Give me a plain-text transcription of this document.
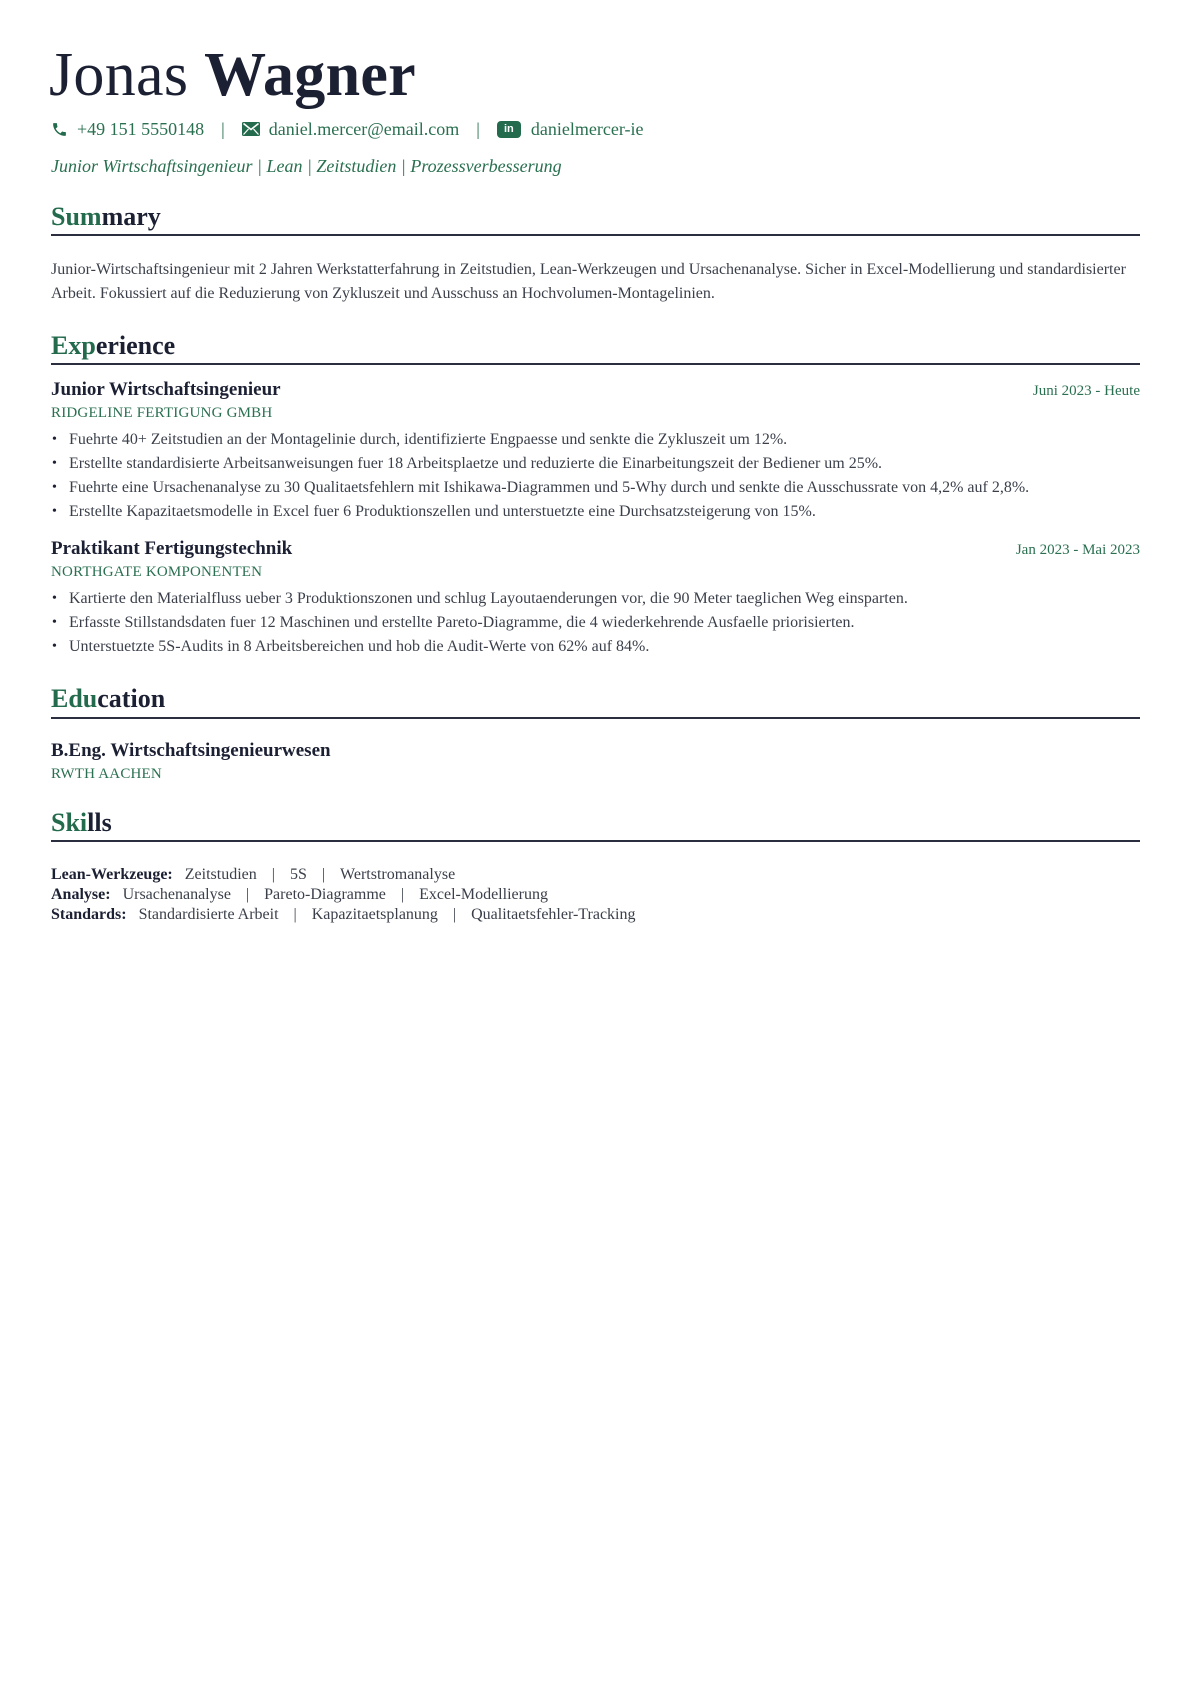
Jonas Wagner
+49 151 5550148 | daniel.mercer@email.com |	in danielmercer-ie
Junior Wirtschaftsingenieur | Lean | Zeitstudien | Prozessverbesserung
Summary
Junior-Wirtschaftsingenieur mit 2 Jahren Werkstatterfahrung in Zeitstudien, Lean-Werkzeugen und Ursachenanalyse. Sicher in Excel-Modellierung und standardisierter Arbeit. Fokussiert auf die Reduzierung von Zykluszeit und Ausschuss an Hochvolumen-Montagelinien.
Experience
Junior Wirtschaftsingenieur	Juni 2023 - Heute
RIDGELINE FERTIGUNG GMBH
• Fuehrte 40+ Zeitstudien an der Montagelinie durch, identifizierte Engpaesse und senkte die Zykluszeit um 12%.
• Erstellte standardisierte Arbeitsanweisungen fuer 18 Arbeitsplaetze und reduzierte die Einarbeitungszeit der Bediener um 25%.
• Fuehrte eine Ursachenanalyse zu 30 Qualitaetsfehlern mit Ishikawa-Diagrammen und 5-Why durch und senkte die Ausschussrate von 4,2% auf 2,8%.
• Erstellte Kapazitaetsmodelle in Excel fuer 6 Produktionszellen und unterstuetzte eine Durchsatzsteigerung von 15%.
Praktikant Fertigungstechnik	Jan 2023 - Mai 2023
NORTHGATE KOMPONENTEN
• Kartierte den Materialfluss ueber 3 Produktionszonen und schlug Layoutaenderungen vor, die 90 Meter taeglichen Weg einsparten.
• Erfasste Stillstandsdaten fuer 12 Maschinen und erstellte Pareto-Diagramme, die 4 wiederkehrende Ausfaelle priorisierten.
• Unterstuetzte 5S-Audits in 8 Arbeitsbereichen und hob die Audit-Werte von 62% auf 84%.
Education
B.Eng. Wirtschaftsingenieurwesen
RWTH AACHEN
Skills
Lean-Werkzeuge: Zeitstudien | 5S | Wertstromanalyse
Analyse: Ursachenanalyse | Pareto-Diagramme | Excel-Modellierung
Standards: Standardisierte Arbeit | Kapazitaetsplanung | Qualitaetsfehler-Tracking
